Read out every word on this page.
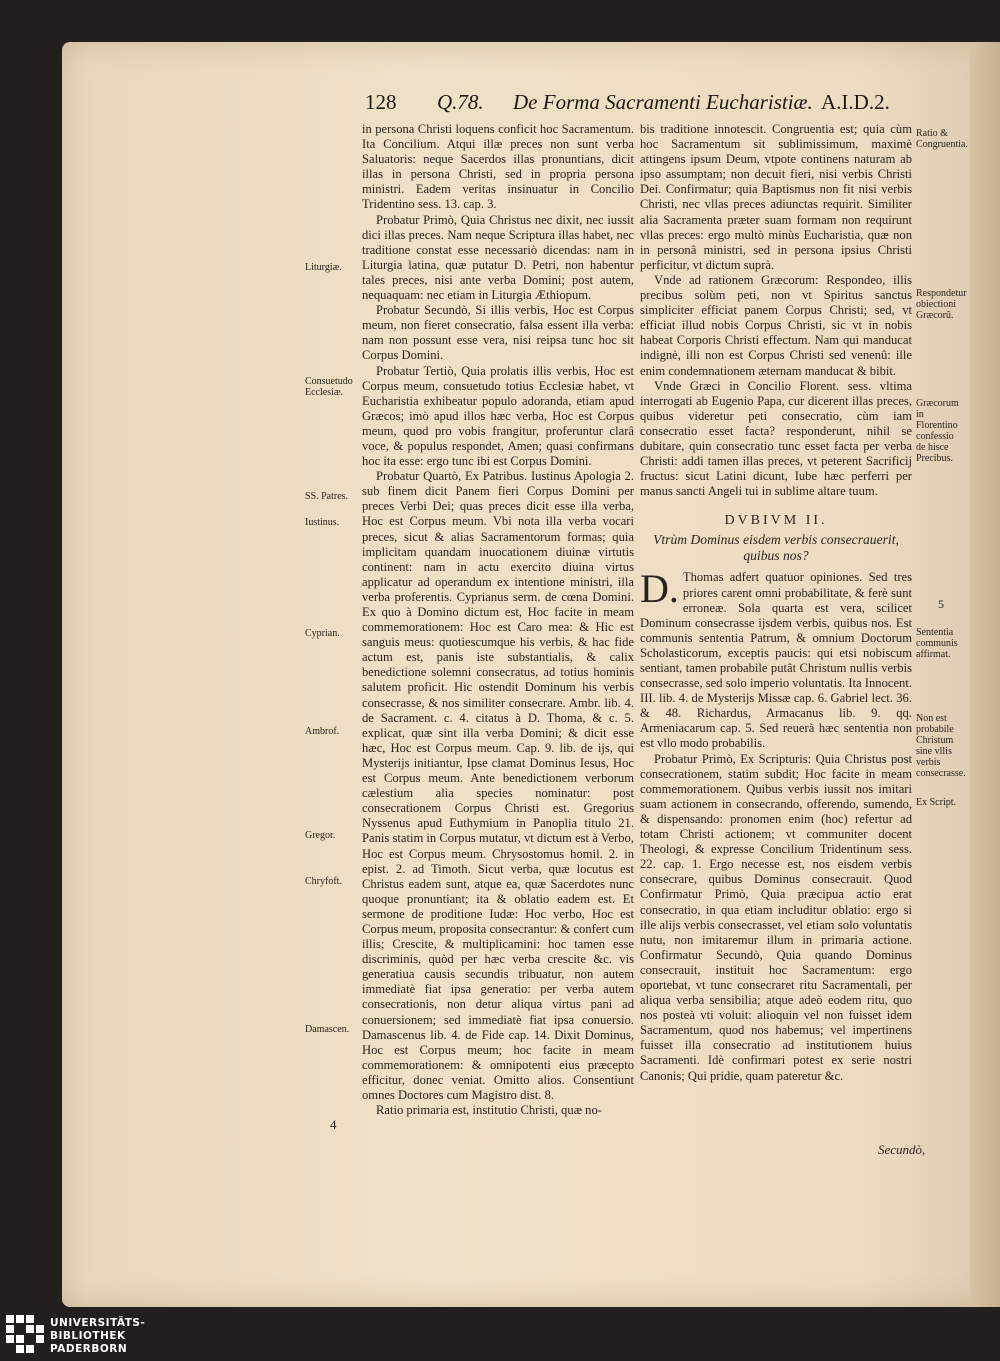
128 Q.78. De Forma Sacramenti Eucharistiæ. A.I.D.2.

in persona Christi loquens conficit hoc Sacramentum. Ita Concilium. Atqui illæ preces non sunt verba Saluatoris: neque Sacerdos illas pronuntians, dicit illas in persona Christi, sed in propria persona ministri. Eadem veritas insinuatur in Concilio Tridentino sess. 13. cap. 3.

Probatur Primò, Quia Christus nec dixit, nec iussit dici illas preces. Nam neque Scriptura illas habet, nec traditione constat esse necessariò dicendas: nam in Liturgia latina, quæ putatur D. Petri, non habentur tales preces, nisi ante verba Domini; post autem, nequaquam: nec etiam in Liturgia Æthiopum.

Probatur Secundò, Si illis verbis, Hoc est Corpus meum, non fieret consecratio, falsa essent illa verba: nam non possunt esse vera, nisi reipsa tunc hoc sit Corpus Domini.

Probatur Tertiò, Quia prolatis illis verbis, Hoc est Corpus meum, consuetudo totius Ecclesiæ habet, vt Eucharistia exhibeatur populo adoranda, etiam apud Græcos; imò apud illos hæc verba, Hoc est Corpus meum, quod pro vobis frangitur, proferuntur clarâ voce, & populus respondet, Amen; quasi confirmans hoc ita esse: ergo tunc ibi est Corpus Domini.

Probatur Quartò, Ex Patribus. Iustinus Apologia 2. sub finem dicit Panem fieri Corpus Domini per preces Verbi Dei; quas preces dicit esse illa verba, Hoc est Corpus meum. Vbi nota illa verba vocari preces, sicut & alias Sacramentorum formas; quia implicitam quandam inuocationem diuinæ virtutis continent: nam in actu exercito diuina virtus applicatur ad operandum ex intentione ministri, illa verba proferentis. Cyprianus serm. de cœna Domini. Ex quo à Domino dictum est, Hoc facite in meam commemorationem: Hoc est Caro mea: & Hic est sanguis meus: quotiescumque his verbis, & hac fide actum est, panis iste substantialis, & calix benedictione solemni consecratus, ad totius hominis salutem proficit. Hic ostendit Dominum his verbis consecrasse, & nos similiter consecrare. Ambr. lib. 4. de Sacrament. c. 4. citatus à D. Thoma, & c. 5. explicat, quæ sint illa verba Domini; & dicit esse hæc, Hoc est Corpus meum. Cap. 9. lib. de ijs, qui Mysterijs initiantur, Ipse clamat Dominus Iesus, Hoc est Corpus meum. Ante benedictionem verborum cælestium alia species nominatur: post consecrationem Corpus Christi est. Gregorius Nyssenus apud Euthymium in Panoplia titulo 21. Panis statim in Corpus mutatur, vt dictum est à Verbo, Hoc est Corpus meum. Chrysostomus homil. 2. in epist. 2. ad Timoth. Sicut verba, quæ locutus est Christus eadem sunt, atque ea, quæ Sacerdotes nunc quoque pronuntiant; ita & oblatio eadem est. Et sermone de proditione Iudæ: Hoc verbo, Hoc est Corpus meum, proposita consecrantur: & confert cum illis; Crescite, & multiplicamini: hoc tamen esse discriminis, quòd per hæc verba crescite &c. vis generatiua causis secundis tribuatur, non autem immediatè fiat ipsa generatio: per verba autem consecrationis, non detur aliqua virtus pani ad conuersionem; sed immediatè fiat ipsa conuersio. Damascenus lib. 4. de Fide cap. 14. Dixit Dominus, Hoc est Corpus meum; hoc facite in meam commemorationem: & omnipotenti eius præcepto efficitur, donec veniat. Omitto alios. Consentiunt omnes Doctores cum Magistro dist. 8.

Ratio primaria est, institutio Christi, quæ no-

bis traditione innotescit. Congruentia est; quia cùm hoc Sacramentum sit sublimissimum, maximè attingens ipsum Deum, vtpote continens naturam ab ipso assumptam; non decuit fieri, nisi verbis Christi Dei. Confirmatur; quia Baptismus non fit nisi verbis Christi, nec vllas preces adiunctas requirit. Similiter alia Sacramenta præter suam formam non requirunt vllas preces: ergo multò minùs Eucharistia, quæ non in personâ ministri, sed in persona ipsius Christi perficitur, vt dictum suprà.

Vnde ad rationem Græcorum: Respondeo, illis precibus solùm peti, non vt Spiritus sanctus simpliciter efficiat panem Corpus Christi; sed, vt efficiat illud nobis Corpus Christi, sic vt in nobis habeat Corporis Christi effectum. Nam qui manducat indignè, illi non est Corpus Christi sed venenû: ille enim condemnationem æternam manducat & bibit.

Vnde Græci in Concilio Florent. sess. vltima interrogati ab Eugenio Papa, cur dicerent illas preces, quibus videretur peti consecratio, cùm iam consecratio esset facta? responderunt, nihil se dubitare, quin consecratio tunc esset facta per verba Christi: addi tamen illas preces, vt peterent Sacrificij fructus: sicut Latini dicunt, Iube hæc perferri per manus sancti Angeli tui in sublime altare tuum.

DVBIVM II.
Vtrùm Dominus eisdem verbis consecrauerit, quibus nos?

D. Thomas adfert quatuor opiniones. Sed tres priores carent omni probabilitate, & ferè sunt erroneæ. Sola quarta est vera, scilicet Dominum consecrasse ijsdem verbis, quibus nos. Est communis sententia Patrum, & omnium Doctorum Scholasticorum, exceptis paucis: qui etsi nobiscum sentiant, tamen probabile putât Christum nullis verbis consecrasse, sed solo imperio voluntatis. Ita Innocent. III. lib. 4. de Mysterijs Missæ cap. 6. Gabriel lect. 36. & 48. Richardus, Armacanus lib. 9. qq. Armeniacarum cap. 5. Sed reuerà hæc sententia non est vllo modo probabilis.

Probatur Primò, Ex Scripturis: Quia Christus post consecrationem, statim subdit; Hoc facite in meam commemorationem. Quibus verbis iussit nos imitari suam actionem in consecrando, offerendo, sumendo, & dispensando: pronomen enim (hoc) refertur ad totam Christi actionem; vt communiter docent Theologi, & expresse Concilium Tridentinum sess. 22. cap. 1. Ergo necesse est, nos eisdem verbis consecrare, quibus Dominus consecrauit. Quod Confirmatur Primò, Quia præcipua actio erat consecratio, in qua etiam includitur oblatio: ergo si ille alijs verbis consecrasset, vel etiam solo voluntatis nutu, non imitaremur illum in primaria actione. Confirmatur Secundò, Quia quando Dominus consecrauit, instituit hoc Sacramentum: ergo oportebat, vt tunc consecraret ritu Sacramentali, per aliqua verba sensibilia; atque adeò eodem ritu, quo nos posteà vti voluit: alioquin vel non fuisset idem Sacramentum, quod nos habemus; vel impertinens fuisset illa consecratio ad institutionem huius Sacramenti. Idè confirmari potest ex serie nostri Canonis; Qui pridie, quam pateretur &c.

Liturgiæ.
Consuetudo Ecclesiæ.
SS. Patres.
Iustinus.
Cyprian.
Ambrof.
Gregor.
Chryfoft.
Damascen.
Ratio & Congruentia.
Respondetur obiectioni Græcorũ.
Græcorum in Florentino confessio de hisce Precibus.
5
Sententia communis affirmat.
Non est probabile Christum sine vllis verbis consecrasse.
Ex Script.
4
Secundò,
UNIVERSITÄTS-
BIBLIOTHEK
PADERBORN
